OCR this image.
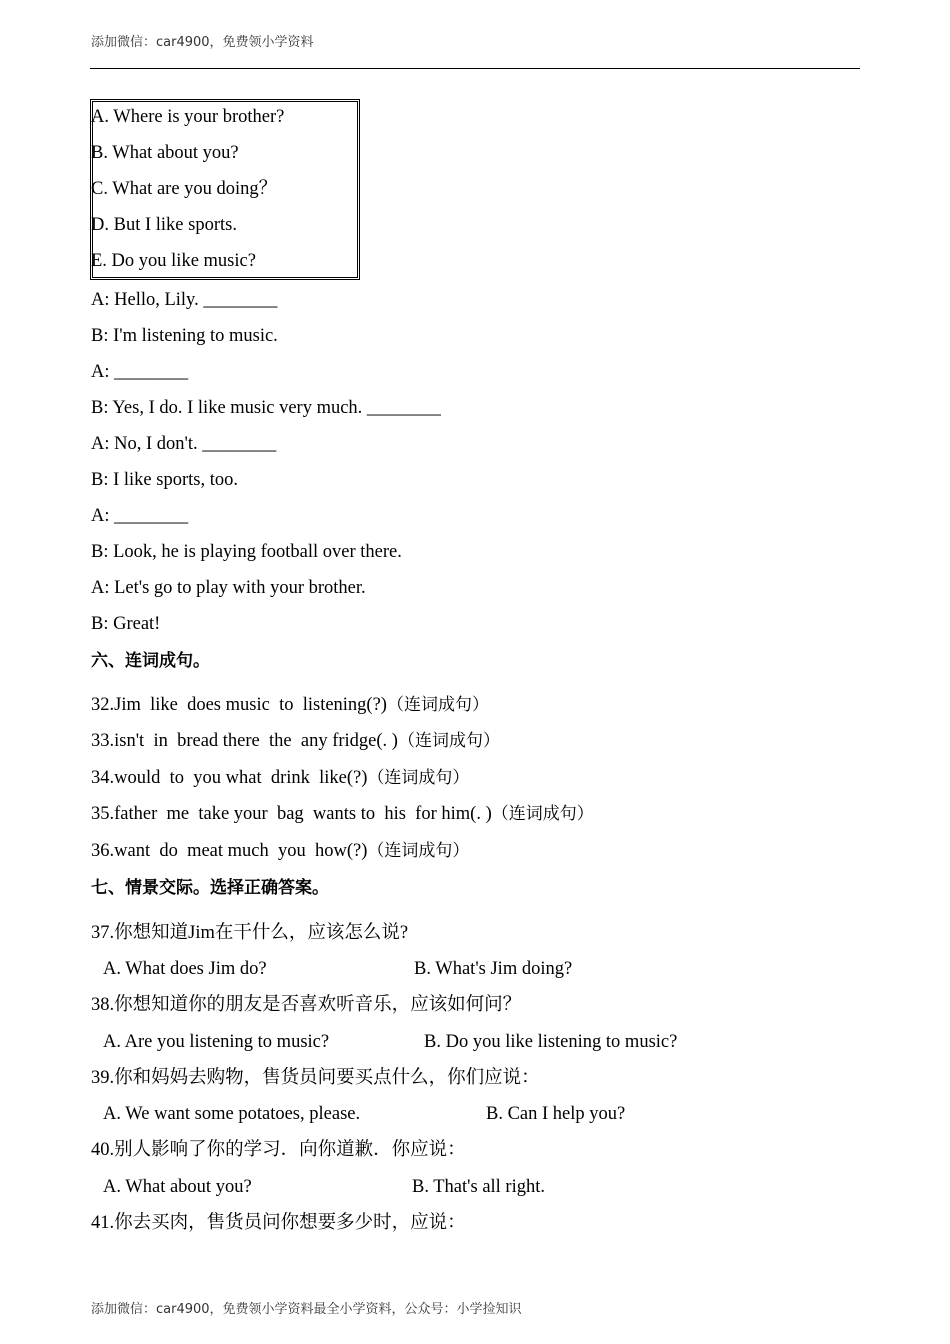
添加微信：car4900，免费领小学资料
A. Where is your brother?
B. What about you?
C. What are you doing？
D. But I like sports.
E. Do you like music?
A: Hello, Lily. ________
B: I'm listening to music.
A: ________
B: Yes, I do. I like music very much. ________
A: No, I don't. ________
B: I like sports, too.
A: ________
B: Look, he is playing football over there.
A: Let's go to play with your brother.
B: Great!
六、连词成句。
32.Jim  like  does music  to  listening(?)（连词成句）
33.isn't  in  bread there  the  any fridge(. )（连词成句）
34.would  to  you what  drink  like(?)（连词成句）
35.father  me  take your  bag  wants to  his  for him(. )（连词成句）
36.want  do  meat much  you  how(?)（连词成句）
七、情景交际。选择正确答案。
37.你想知道Jim在干什么，应该怎么说?
A. What does Jim do?	B. What's Jim doing?
38.你想知道你的朋友是否喜欢听音乐，应该如何问？
A. Are you listening to music?	B. Do you like listening to music?
39.你和妈妈去购物，售货员问要买点什么，你们应说：
A. We want some potatoes, please.	B. Can I help you?
40.别人影响了你的学习．向你道歉．你应说：
A. What about you?	B. That's all right.
41.你去买肉，售货员问你想要多少时，应说：
添加微信：car4900，免费领小学资料最全小学资料，公众号：小学捡知识
